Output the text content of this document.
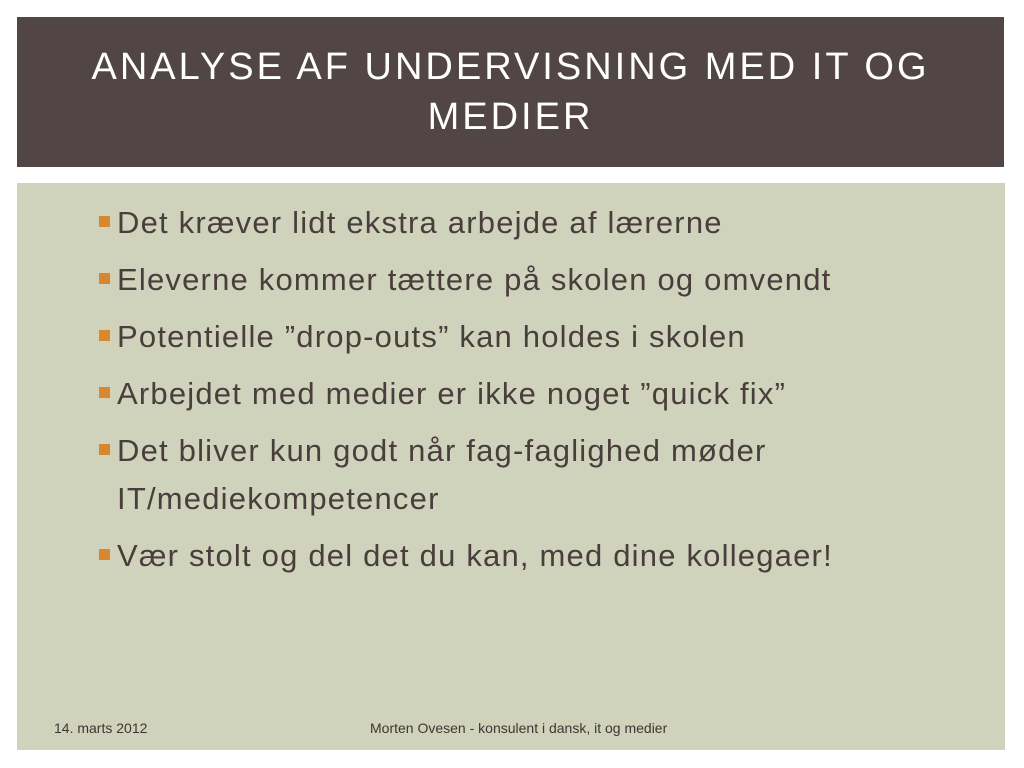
ANALYSE AF UNDERVISNING MED IT OG MEDIER
Det kræver lidt ekstra arbejde af lærerne
Eleverne kommer tættere på skolen og omvendt
Potentielle ”drop-outs” kan holdes i skolen
Arbejdet med medier er ikke noget ”quick fix”
Det bliver kun godt når fag-faglighed møder IT/mediekompetencer
Vær stolt og del det du kan, med dine kollegaer!
14. marts 2012	Morten Ovesen - konsulent i dansk, it og medier
